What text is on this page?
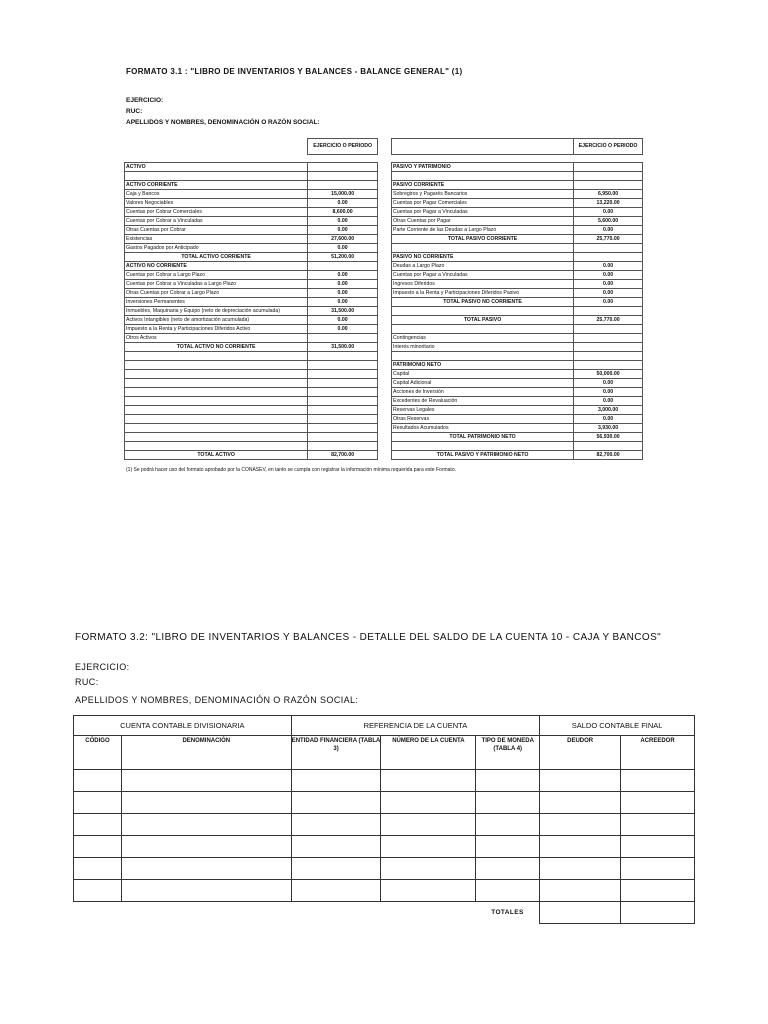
FORMATO 3.1 : "LIBRO DE INVENTARIOS Y BALANCES - BALANCE GENERAL" (1)
EJERCICIO:
RUC:
APELLIDOS Y NOMBRES, DENOMINACIÓN O RAZÓN SOCIAL:
	EJERCICIO O PERIODO

ACTIVO	

ACTIVO CORRIENTE	
Caja y Bancos	15,000.00
Valores Negociables	0.00
Cuentas por Cobrar Comerciales	8,600.00
Cuentas por Cobrar a Vinculadas	0.00
Otras Cuentas por Cobrar	0.00
Existencias	27,600.00
Gastos Pagados por Anticipado	0.00
TOTAL ACTIVO CORRIENTE	51,200.00
ACTIVO NO CORRIENTE	
Cuentas por Cobrar a Largo Plazo	0.00
Cuentas por Cobrar a Vinculadas a Largo Plazo	0.00
Otras Cuentas por Cobrar a Largo Plazo	0.00
Inversiones Permanentes	0.00
Inmuebles, Maquinaria y Equipo (neto de depreciación acumulada)	31,500.00
Activos Intangibles (neto de amortización acumulada)	0.00
Impuesto a la Renta y Participaciones Diferidos Activo	0.00
Otros Activos	
TOTAL ACTIVO NO CORRIENTE	31,500.00

TOTAL ACTIVO	82,700.00
	EJERCICIO O PERIODO

PASIVO Y PATRIMONIO	

PASIVO CORRIENTE	
Sobregiros y Pagarés Bancarios	6,950.00
Cuentas por Pagar Comerciales	13,220.00
Cuentas por Pagar a Vinculadas	0.00
Otras Cuentas por Pagar	5,600.00
Parte Corriente de las Deudas a Largo Plazo	0.00
TOTAL PASIVO CORRIENTE	25,770.00

PASIVO NO CORRIENTE	
Deudas a Largo Plazo	0.00
Cuentas por Pagar a Vinculadas	0.00
Ingresos Diferidos	0.00
Impuesto a la Renta y Participaciones Diferidos Pasivo	0.00
TOTAL PASIVO NO CORRIENTE	0.00

TOTAL PASIVO	25,770.00

Contingencias	
Interés minoritario	

PATRIMONIO NETO	
Capital	50,000.00
Capital Adicional	0.00
Acciones de Inversión	0.00
Excedentes de Revaluación	0.00
Reservas Legales	3,000.00
Otras Reservas	0.00
Resultados Acumulados	3,930.00
TOTAL PATRIMONIO NETO	56,930.00

TOTAL PASIVO Y PATRIMONIO NETO	82,700.00
(1) Se podrá hacer uso del formato aprobado por la CONASEV, en tanto se cumpla con registrar la información mínima requerida para este Formato.
FORMATO 3.2: "LIBRO DE INVENTARIOS Y BALANCES - DETALLE DEL SALDO DE LA CUENTA 10 - CAJA Y BANCOS"
EJERCICIO:
RUC:
APELLIDOS Y NOMBRES, DENOMINACIÓN O RAZÓN SOCIAL:
CUENTA CONTABLE DIVISIONARIA		REFERENCIA DE LA CUENTA			SALDO CONTABLE FINAL	
CÓDIGO	DENOMINACIÓN	ENTIDAD FINANCIERA (TABLA 3)	NÚMERO DE LA CUENTA	TIPO DE MONEDA (TABLA 4)	DEUDOR	ACREEDOR

				TOTALES		
